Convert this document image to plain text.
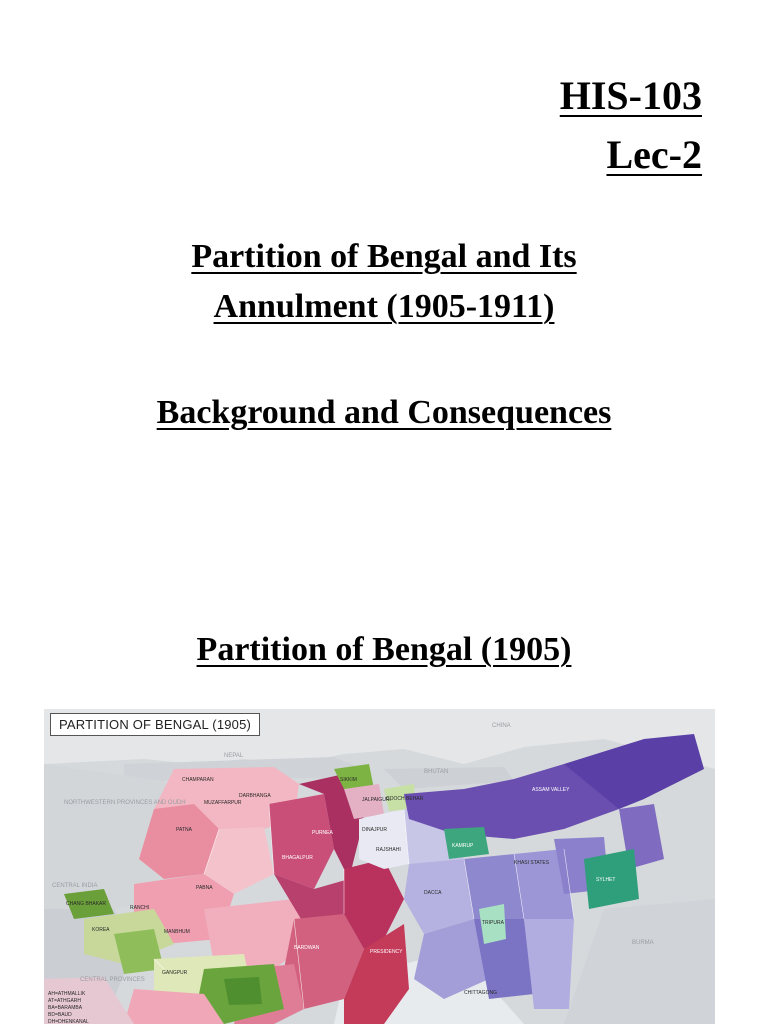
HIS-103
Lec-2
Partition of Bengal and Its
Annulment (1905-1911)
Background and Consequences
Partition of Bengal (1905)
CHINA
NEPAL
BHUTAN
NORTHWESTERN PROVINCES AND OUDH
CENTRAL INDIA
CENTRAL PROVINCES
BURMA
SIKKIM
JALPAIGURI
COOCH BEHAR
CHAMPARAN
MUZAFFARPUR
DARBHANGA
PATNA
BHAGALPUR
PURNEA	DINAJPUR
RAJSHAHI
PABNA
RANCHI
MANBHUM
BARDWAN
PRESIDENCY
GANGPUR
DACCA
TRIPURA
CHITTAGONG
ASSAM VALLEY
KAMRUP
KHASI STATES
SYLHET
CHANG BHAKAR
KOREA
AH=ATHMALLIK
AT=ATHGARH
BA=BARAMBA
BD=BAUD
DH=DHENKANAL
PARTITION OF BENGAL (1905)
